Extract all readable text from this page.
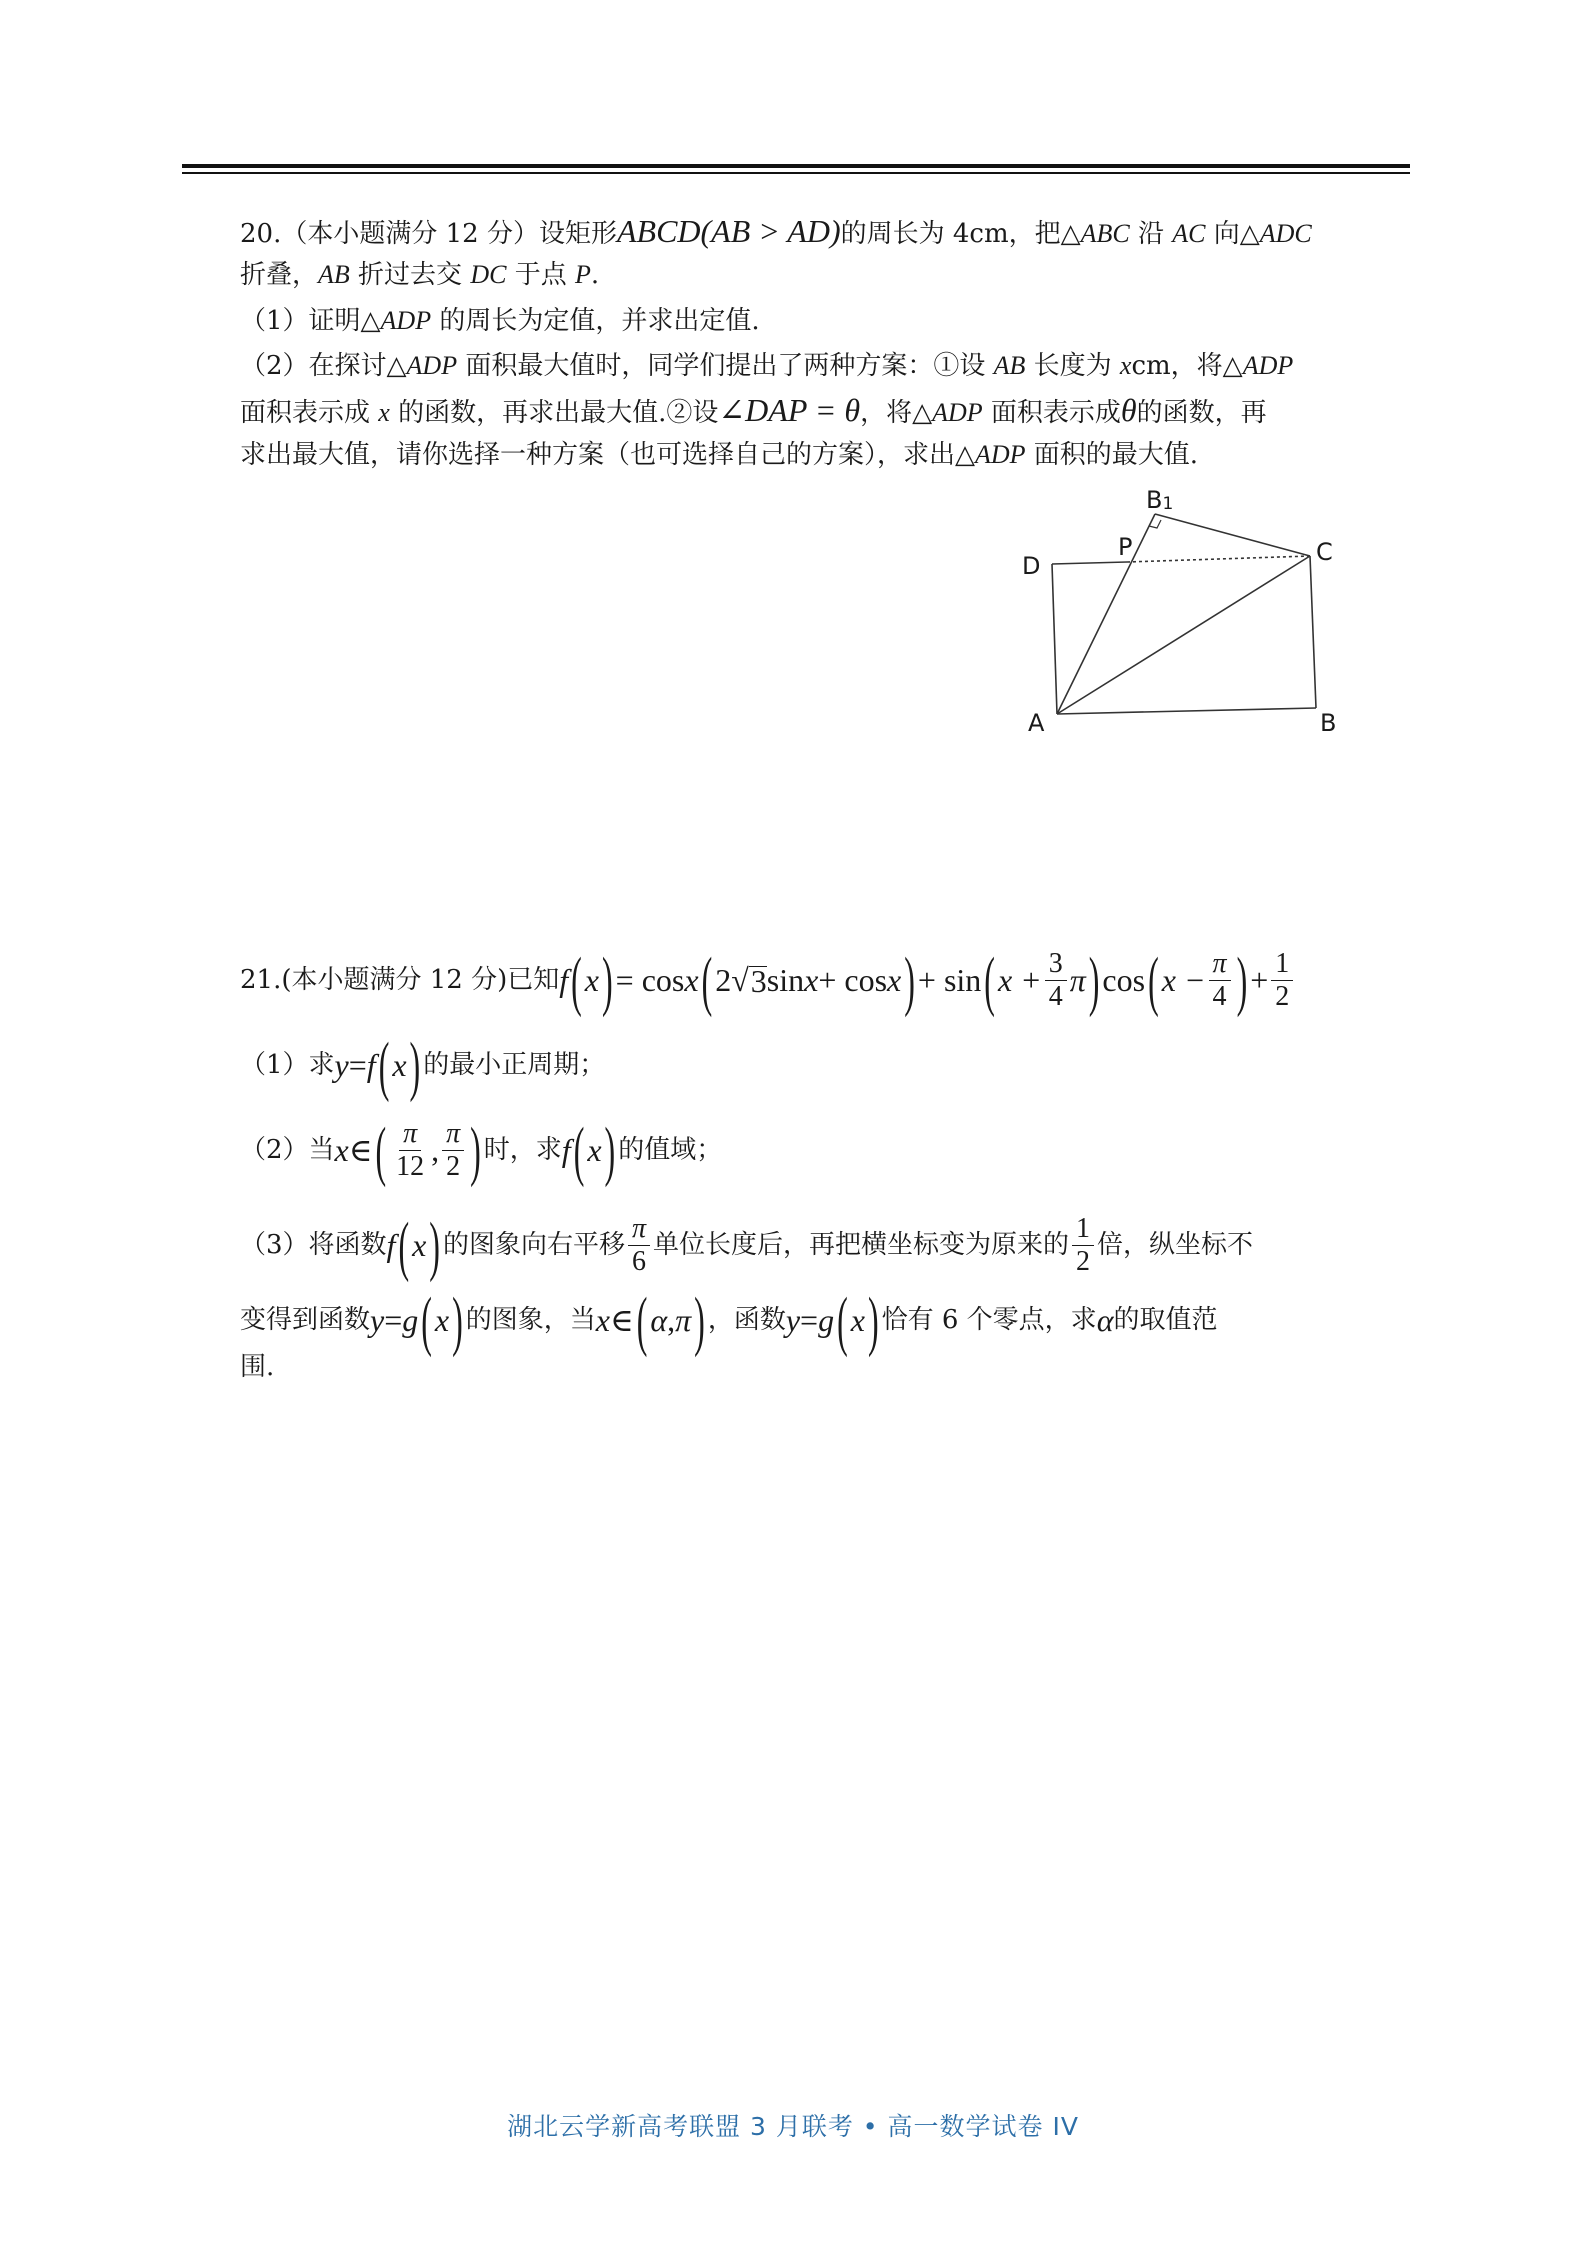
20.（本小题满分 12 分）设矩形ABCD(AB > AD)的周长为 4cm，把△ABC 沿 AC 向△ADC
折叠，AB 折过去交 DC 于点 P.
（1）证明△ADP 的周长为定值，并求出定值.
（2）在探讨△ADP 面积最大值时，同学们提出了两种方案：①设 AB 长度为 xcm，将△ADP
面积表示成 x 的函数，再求出最大值.②设∠DAP = θ，将△ADP 面积表示成θ的函数，再
求出最大值，请你选择一种方案（也可选择自己的方案），求出△ADP 面积的最大值.
B1
P	C
D
A	B
21.(本小题满分 12 分)已知 f ( x ) = cos x ( 2 √ 3 sin x + cos x ) + sin ( $x + \frac{3}{4}$ π ) cos ( $x - \frac{\pi}{4}$ ) + $\frac{1}{2}$
（1）求 y = f ( x ) 的最小正周期；
（2）当 x ∈ ( $\frac{\pi}{12}$ , $\frac{\pi}{2}$ ) 时，求 f ( x ) 的值域；
（3）将函数 f ( x ) 的图象向右平移 $\frac{\pi}{6}$ 单位长度后，再把横坐标变为原来的 $\frac{1}{2}$ 倍，纵坐标不
变得到函数 y = g ( x ) 的图象，当 x ∈ ( α , π ) ，函数 y = g ( x ) 恰有 6 个零点，求 α 的取值范
围.
湖北云学新高考联盟 3 月联考 • 高一数学试卷 IV
